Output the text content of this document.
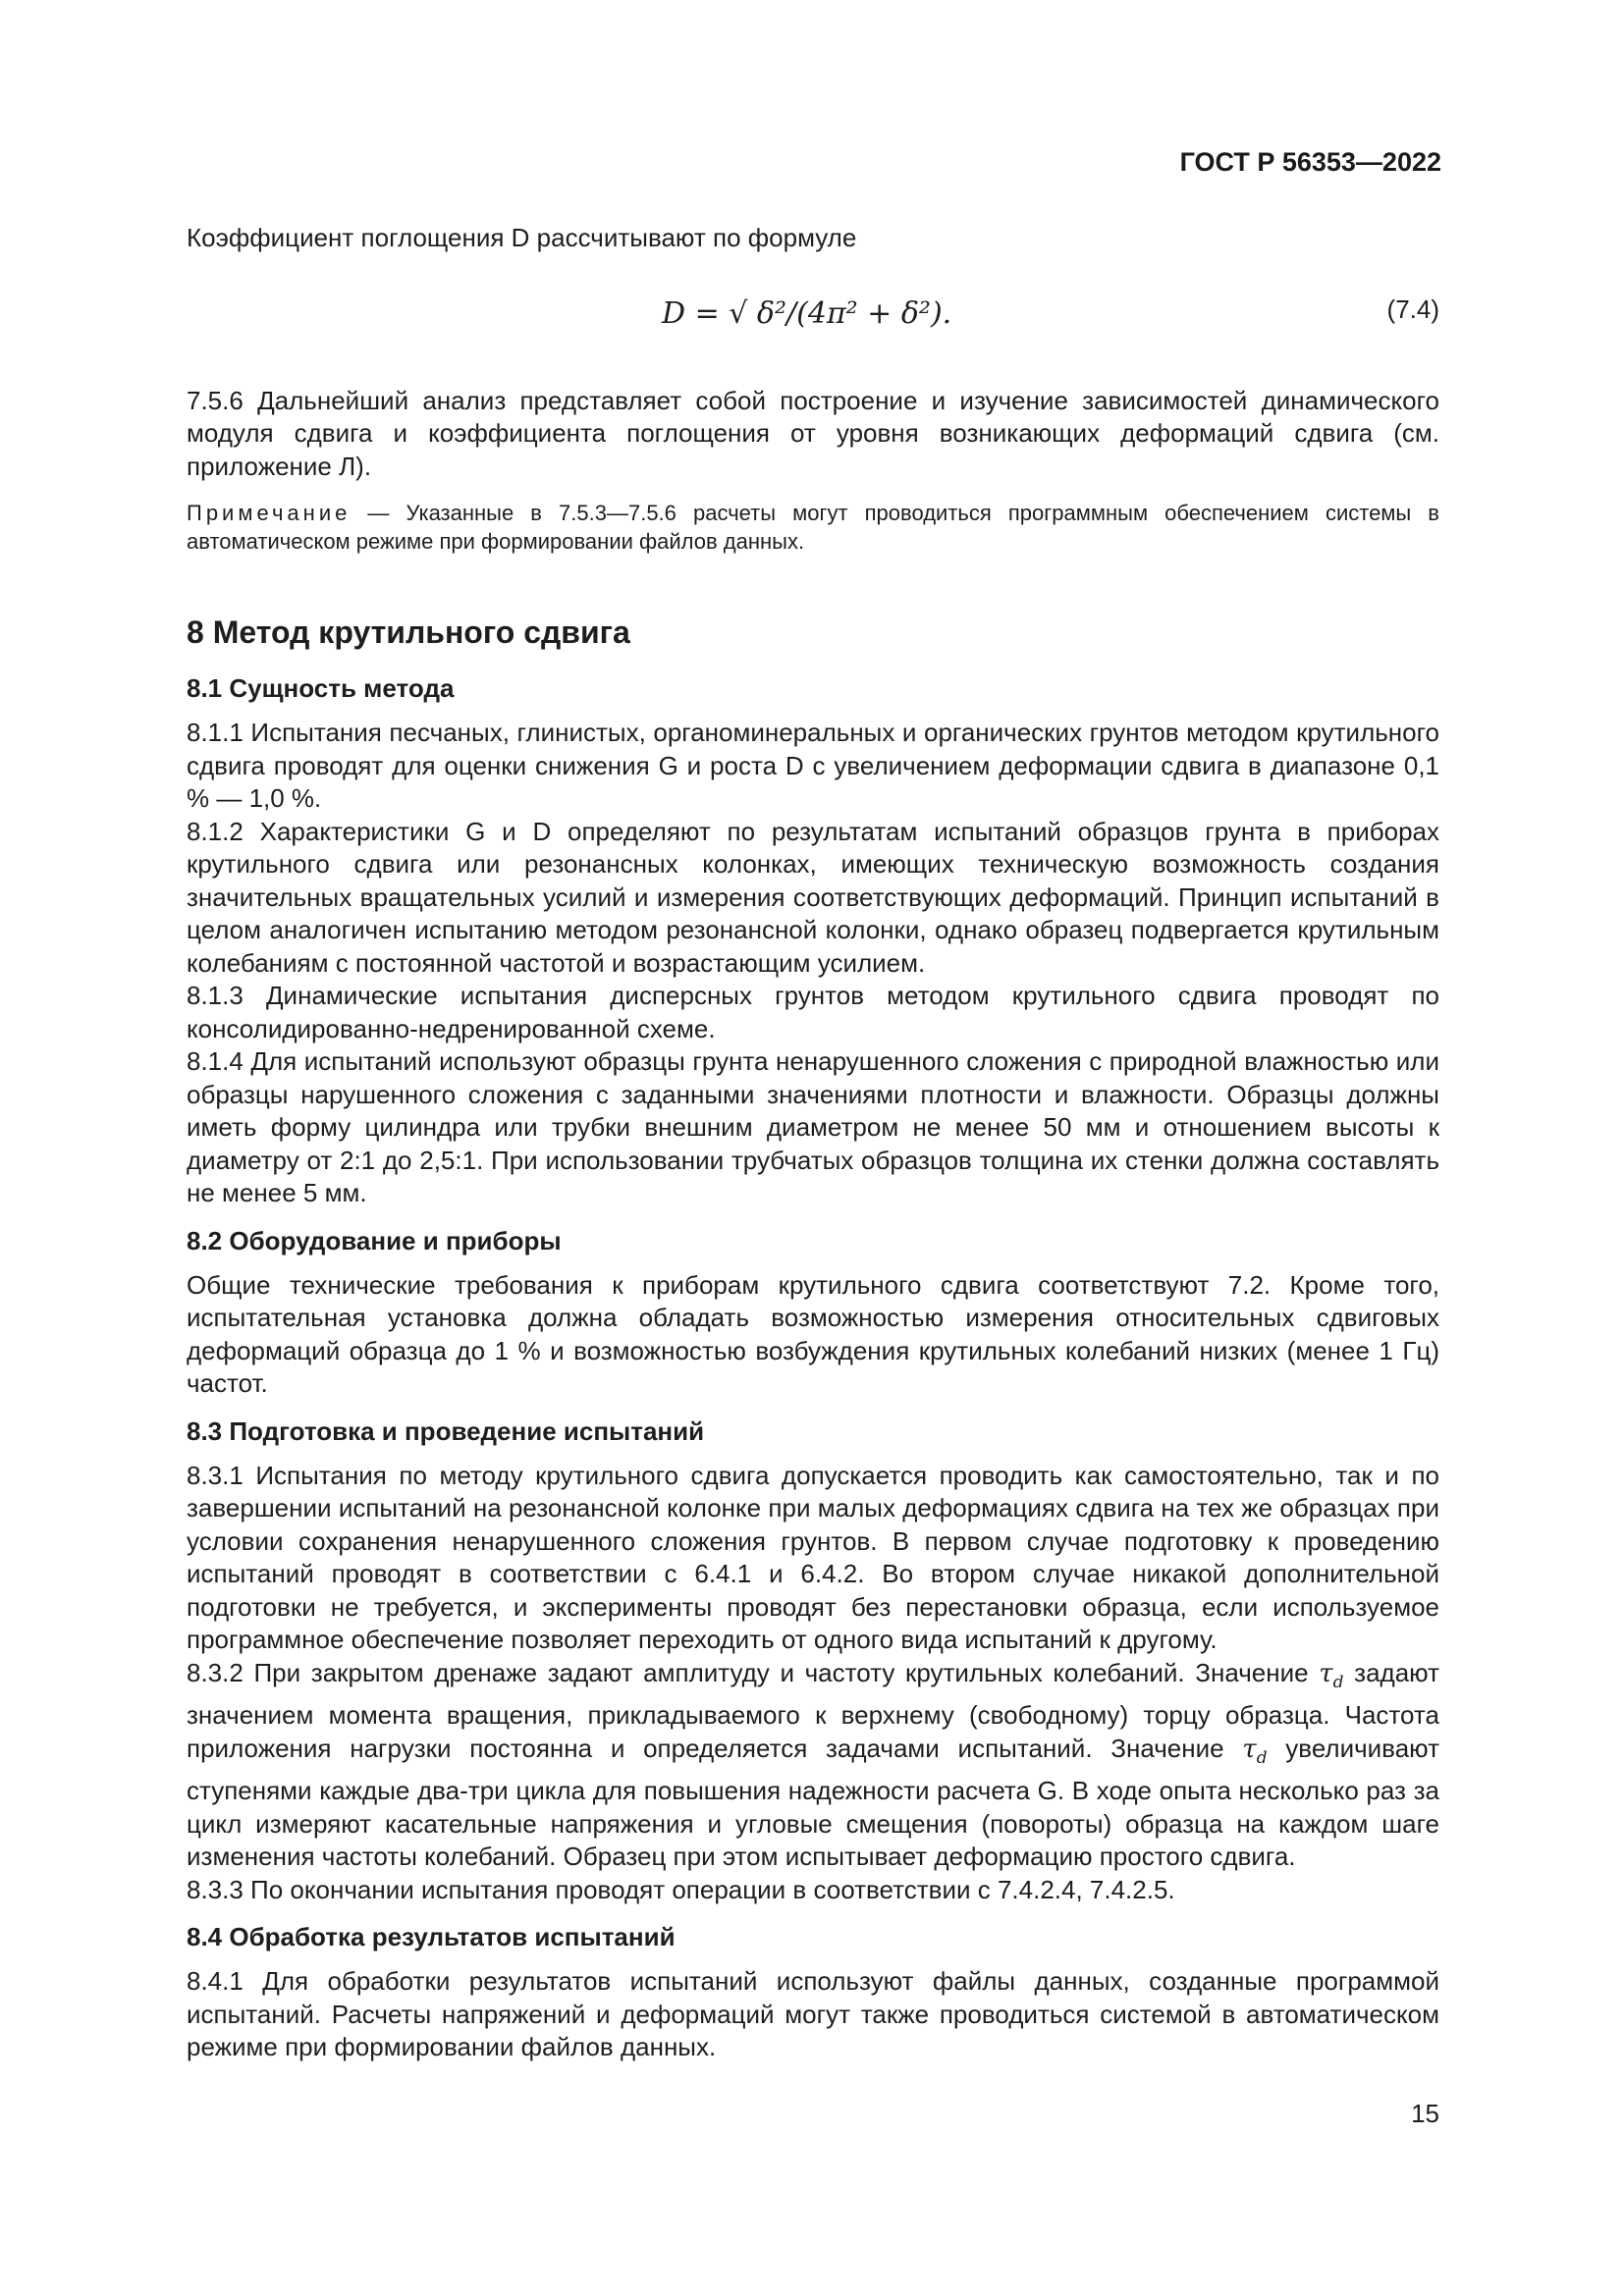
ГОСТ Р 56353—2022

Коэффициент поглощения D рассчитывают по формуле

D = √ δ²/(4π² + δ²).	(7.4)

7.5.6 Дальнейший анализ представляет собой построение и изучение зависимостей динамического модуля сдвига и коэффициента поглощения от уровня возникающих деформаций сдвига (см. приложение Л).

Примечание — Указанные в 7.5.3—7.5.6 расчеты могут проводиться программным обеспечением системы в автоматическом режиме при формировании файлов данных.
8 Метод крутильного сдвига
8.1 Сущность метода

8.1.1 Испытания песчаных, глинистых, органоминеральных и органических грунтов методом крутильного сдвига проводят для оценки снижения G и роста D с увеличением деформации сдвига в диапазоне 0,1 % — 1,0 %.

8.1.2 Характеристики G и D определяют по результатам испытаний образцов грунта в приборах крутильного сдвига или резонансных колонках, имеющих техническую возможность создания значительных вращательных усилий и измерения соответствующих деформаций. Принцип испытаний в целом аналогичен испытанию методом резонансной колонки, однако образец подвергается крутильным колебаниям с постоянной частотой и возрастающим усилием.

8.1.3 Динамические испытания дисперсных грунтов методом крутильного сдвига проводят по консолидированно-недренированной схеме.

8.1.4 Для испытаний используют образцы грунта ненарушенного сложения с природной влажностью или образцы нарушенного сложения с заданными значениями плотности и влажности. Образцы должны иметь форму цилиндра или трубки внешним диаметром не менее 50 мм и отношением высоты к диаметру от 2:1 до 2,5:1. При использовании трубчатых образцов толщина их стенки должна составлять не менее 5 мм.

8.2 Оборудование и приборы

Общие технические требования к приборам крутильного сдвига соответствуют 7.2. Кроме того, испытательная установка должна обладать возможностью измерения относительных сдвиговых деформаций образца до 1 % и возможностью возбуждения крутильных колебаний низких (менее 1 Гц) частот.

8.3 Подготовка и проведение испытаний

8.3.1 Испытания по методу крутильного сдвига допускается проводить как самостоятельно, так и по завершении испытаний на резонансной колонке при малых деформациях сдвига на тех же образцах при условии сохранения ненарушенного сложения грунтов. В первом случае подготовку к проведению испытаний проводят в соответствии с 6.4.1 и 6.4.2. Во втором случае никакой дополнительной подготовки не требуется, и эксперименты проводят без перестановки образца, если используемое программное обеспечение позволяет переходить от одного вида испытаний к другому.

8.3.2 При закрытом дренаже задают амплитуду и частоту крутильных колебаний. Значение $\tau_d$ задают значением момента вращения, прикладываемого к верхнему (свободному) торцу образца. Частота приложения нагрузки постоянна и определяется задачами испытаний. Значение $\tau_d$ увеличивают ступенями каждые два-три цикла для повышения надежности расчета G. В ходе опыта несколько раз за цикл измеряют касательные напряжения и угловые смещения (повороты) образца на каждом шаге изменения частоты колебаний. Образец при этом испытывает деформацию простого сдвига.

8.3.3 По окончании испытания проводят операции в соответствии с 7.4.2.4, 7.4.2.5.

8.4 Обработка результатов испытаний

8.4.1 Для обработки результатов испытаний используют файлы данных, созданные программой испытаний. Расчеты напряжений и деформаций могут также проводиться системой в автоматическом режиме при формировании файлов данных.

15
